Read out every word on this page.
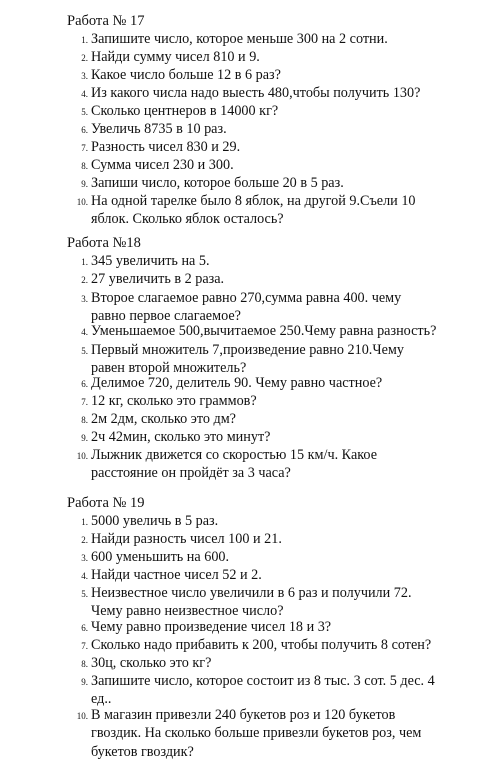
Работа № 17
1. Запишите число, которое меньше 300 на 2 сотни.
2. Найди сумму чисел 810 и 9.
3. Какое число больше 12 в 6 раз?
4. Из какого числа надо выесть 480,чтобы получить 130?
5. Сколько центнеров в 14000 кг?
6. Увеличь 8735 в 10 раз.
7. Разность чисел 830 и 29.
8. Сумма чисел 230 и 300.
9. Запиши число, которое больше 20 в 5 раз.
10. На одной тарелке было 8 яблок, на другой 9.Съели 10
яблок. Сколько яблок осталось?
Работа №18
1. 345 увеличить на 5.
2. 27 увеличить в 2 раза.
3. Второе слагаемое равно 270,сумма равна 400. чему
равно первое слагаемое?
4. Уменьшаемое 500,вычитаемое 250.Чему равна разность?
5. Первый множитель 7,произведение равно 210.Чему
равен второй множитель?
6. Делимое 720, делитель 90. Чему равно частное?
7. 12 кг, сколько это граммов?
8. 2м 2дм, сколько это дм?
9. 2ч 42мин, сколько это минут?
10. Лыжник движется со скоростью 15 км/ч. Какое
расстояние он пройдёт за 3 часа?
Работа № 19
1. 5000 увеличь в 5 раз.
2. Найди разность чисел 100 и 21.
3. 600 уменьшить на 600.
4. Найди частное чисел 52 и 2.
5. Неизвестное число увеличили в 6 раз и получили 72.
Чему равно неизвестное число?
6. Чему равно произведение чисел 18 и 3?
7. Сколько надо прибавить к 200, чтобы получить 8 сотен?
8. 30ц, сколько это кг?
9. Запишите число, которое состоит из 8 тыс. 3 сот. 5 дес. 4
ед..
10. В магазин привезли 240 букетов роз и 120 букетов
гвоздик. На сколько больше привезли букетов роз, чем
букетов гвоздик?
